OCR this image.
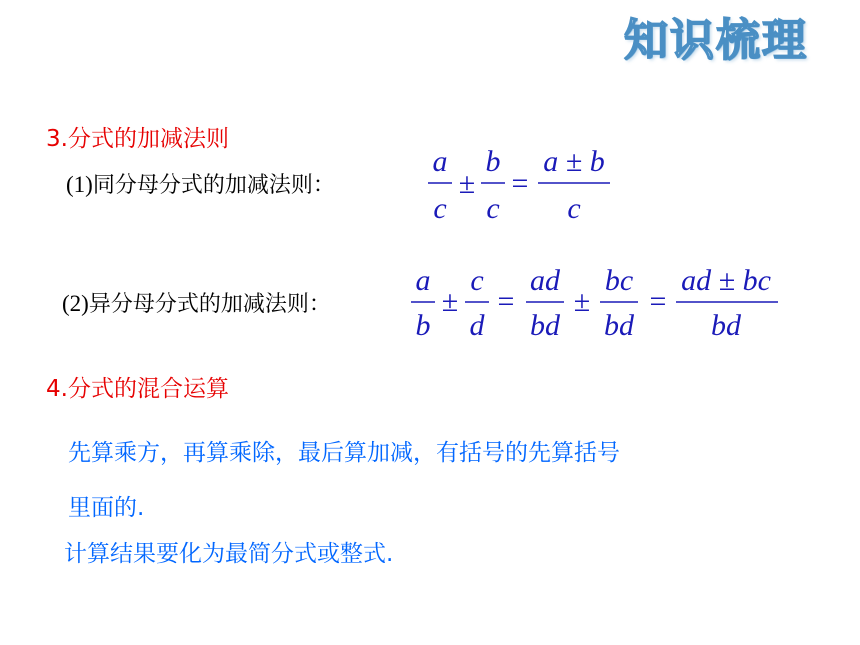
知识梳理
3.分式的加减法则
(1)同分母分式的加减法则：
a
c
±
b
c
=
a ± b
c
(2)异分母分式的加减法则：
a
b
±
c
d
=
ad
bd
±
bc
bd
=
ad ± bc
bd
4.分式的混合运算
先算乘方，再算乘除，最后算加减，有括号的先算括号
里面的.
计算结果要化为最简分式或整式.
